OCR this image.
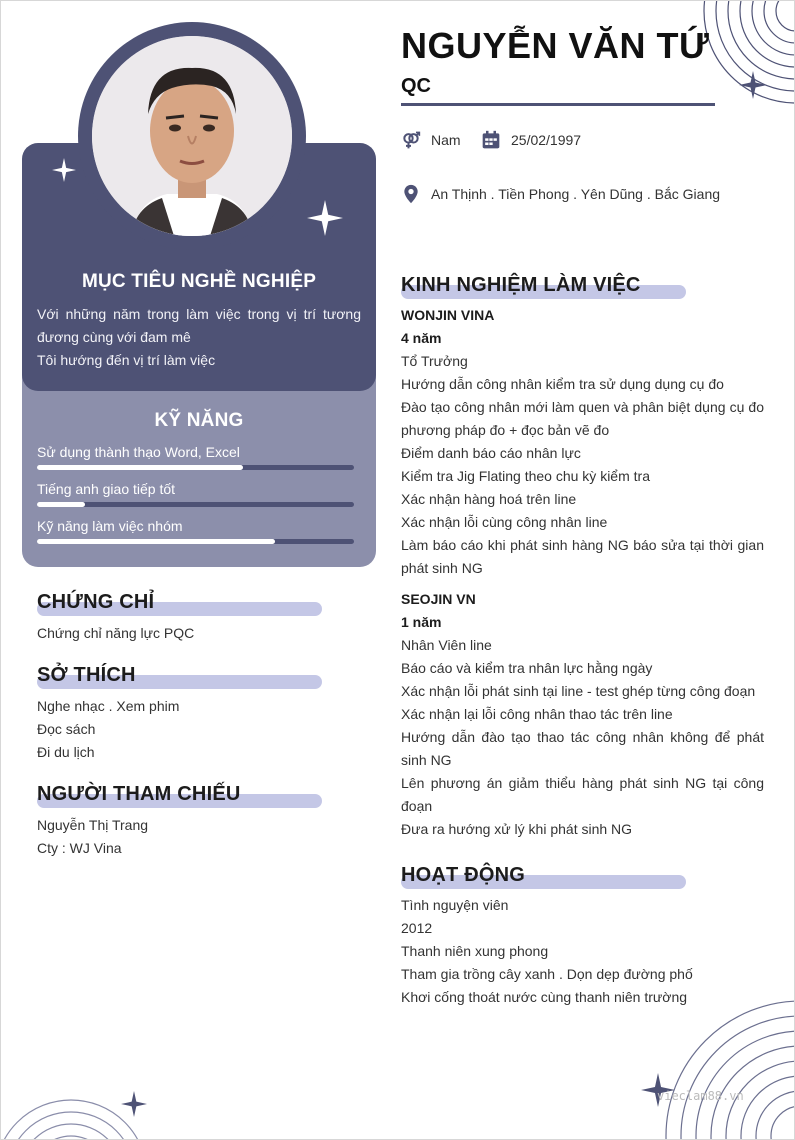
MỤC TIÊU NGHỀ NGHIỆP

Với những năm trong làm việc trong vị trí tương đương cùng với đam mê

Tôi hướng đến vị trí làm việc

KỸ NĂNG
Sử dụng thành thạo Word, Excel
Tiếng anh giao tiếp tốt
Kỹ năng làm việc nhóm
CHỨNG CHỈ

Chứng chỉ năng lực PQC

SỞ THÍCH

Nghe nhạc . Xem phim

Đọc sách

Đi du lịch

NGƯỜI THAM CHIẾU

Nguyễn Thị Trang

Cty : WJ Vina

NGUYỄN VĂN TỨ
QC
Nam	25/02/1997
An Thịnh . Tiền Phong . Yên Dũng . Bắc Giang
KINH NGHIỆM LÀM VIỆC

WONJIN VINA

4 năm

Tổ Trưởng

Hướng dẫn công nhân kiểm tra sử dụng dụng cụ đo

Đào tạo công nhân mới làm quen và phân biệt dụng cụ đo phương pháp đo + đọc bản vẽ đo

Điểm danh báo cáo nhân lực

Kiểm tra Jig Flating theo chu kỳ kiểm tra

Xác nhận hàng hoá trên line

Xác nhận lỗi cùng công nhân line

Làm báo cáo khi phát sinh hàng NG báo sửa tại thời gian phát sinh NG

SEOJIN VN

1 năm

Nhân Viên line

Báo cáo và kiểm tra nhân lực hằng ngày

Xác nhận lỗi phát sinh tại line - test ghép từng công đoạn

Xác nhận lại lỗi công nhân thao tác trên line

Hướng dẫn đào tạo thao tác công nhân không để phát sinh NG

Lên phương án giảm thiểu hàng phát sinh NG tại công đoạn

Đưa ra hướng xử lý khi phát sinh NG

HOẠT ĐỘNG

Tình nguyện viên

2012

Thanh niên xung phong

Tham gia trồng cây xanh . Dọn dẹp đường phố

Khơi cống thoát nước cùng thanh niên trường

vieclam88.vn
